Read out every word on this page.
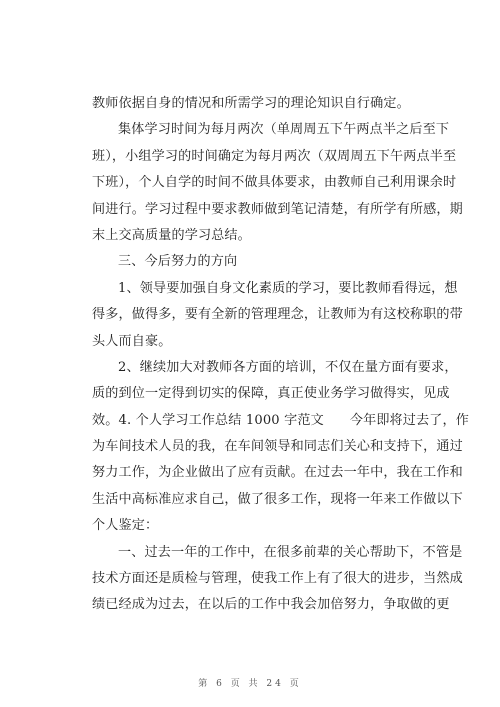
教师依据自身的情况和所需学习的理论知识自行确定。
集体学习时间为每月两次（单周周五下午两点半之后至下
班），小组学习的时间确定为每月两次（双周周五下午两点半至
下班），个人自学的时间不做具体要求，由教师自己利用课余时
间进行。学习过程中要求教师做到笔记清楚，有所学有所感，期
末上交高质量的学习总结。
三、今后努力的方向
1、领导要加强自身文化素质的学习，要比教师看得远，想
得多，做得多，要有全新的管理理念，让教师为有这校称职的带
头人而自豪。
2、继续加大对教师各方面的培训，不仅在量方面有要求，
质的到位一定得到切实的保障，真正使业务学习做得实，见成
效。4. 个人学习工作总结 1000 字范文 今年即将过去了，作
为车间技术人员的我，在车间领导和同志们关心和支持下，通过
努力工作，为企业做出了应有贡献。在过去一年中，我在工作和
生活中高标准应求自己，做了很多工作，现将一年来工作做以下
个人鉴定：
一、过去一年的工作中，在很多前辈的关心帮助下，不管是
技术方面还是质检与管理，使我工作上有了很大的进步，当然成
绩已经成为过去，在以后的工作中我会加倍努力，争取做的更
第 6 页 共 24 页
